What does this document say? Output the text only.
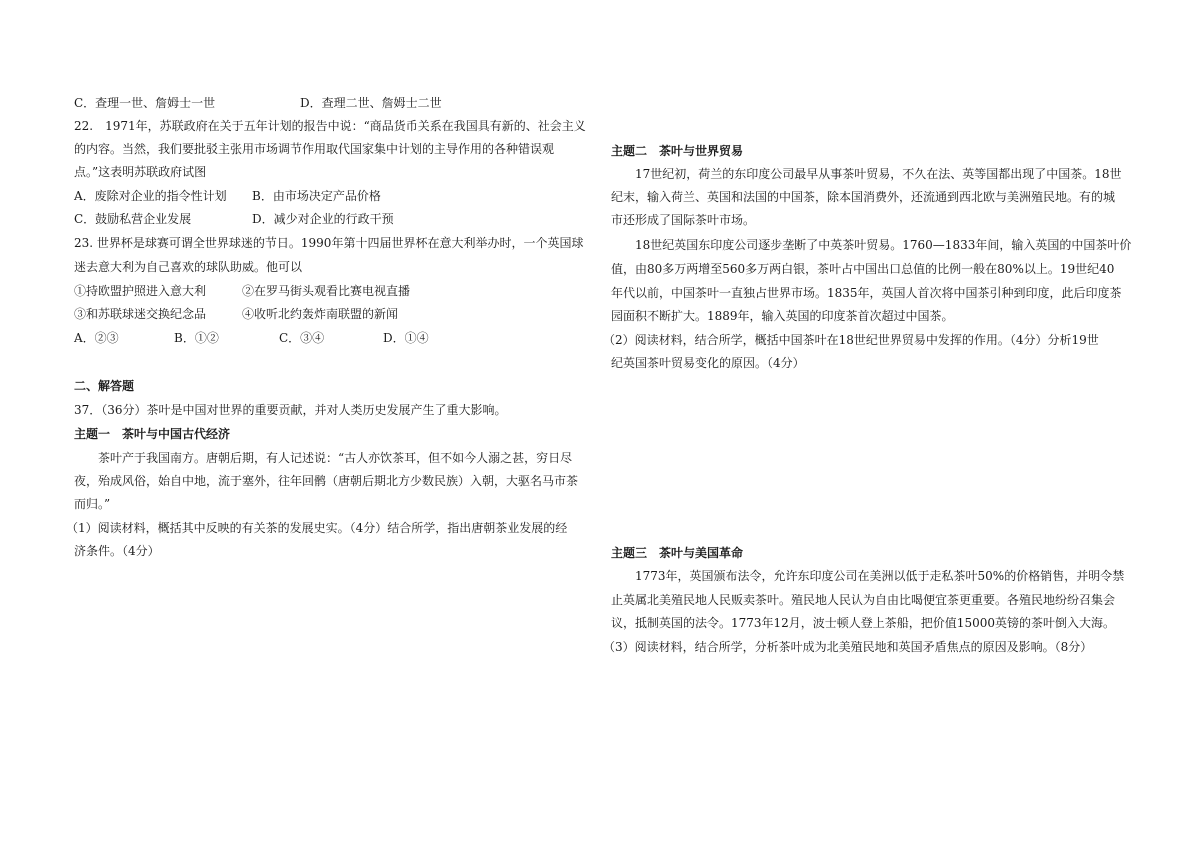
C．查理一世、詹姆士一世	D．查理二世、詹姆士二世
22.　1971年，苏联政府在关于五年计划的报告中说：“商品货币关系在我国具有新的、社会主义
的内容。当然，我们要批驳主张用市场调节作用取代国家集中计划的主导作用的各种错误观
点。”这表明苏联政府试图
A．废除对企业的指令性计划 B．由市场决定产品价格
C．鼓励私营企业发展	D．减少对企业的行政干预
23. 世界杯是球赛可谓全世界球迷的节日。1990年第十四届世界杯在意大利举办时，一个英国球
迷去意大利为自己喜欢的球队助威。他可以
①持欧盟护照进入意大利	②在罗马街头观看比赛电视直播
③和苏联球迷交换纪念品	④收听北约轰炸南联盟的新闻
A．②③	B．①②	C．③④	D．①④
二、解答题
37．（36分）茶叶是中国对世界的重要贡献，并对人类历史发展产生了重大影响。
主题一　茶叶与中国古代经济
茶叶产于我国南方。唐朝后期，有人记述说：“古人亦饮茶耳，但不如今人溺之甚，穷日尽
夜，殆成风俗，始自中地，流于塞外，往年回鹘（唐朝后期北方少数民族）入朝，大驱名马市茶
而归。”
（1）阅读材料，概括其中反映的有关茶的发展史实。（4分）结合所学，指出唐朝茶业发展的经
济条件。（4分）
主题二　茶叶与世界贸易
17世纪初，荷兰的东印度公司最早从事茶叶贸易，不久在法、英等国都出现了中国茶。18世
纪末，输入荷兰、英国和法国的中国茶，除本国消费外，还流通到西北欧与美洲殖民地。有的城
市还形成了国际茶叶市场。
18世纪英国东印度公司逐步垄断了中英茶叶贸易。1760—1833年间，输入英国的中国茶叶价
值，由80多万两增至560多万两白银，茶叶占中国出口总值的比例一般在80%以上。19世纪40
年代以前，中国茶叶一直独占世界市场。1835年，英国人首次将中国茶引种到印度，此后印度茶
园面积不断扩大。1889年，输入英国的印度茶首次超过中国茶。
（2）阅读材料，结合所学，概括中国茶叶在18世纪世界贸易中发挥的作用。（4分）分析19世
纪英国茶叶贸易变化的原因。（4分）
主题三　茶叶与美国革命
1773年，英国颁布法令，允许东印度公司在美洲以低于走私茶叶50%的价格销售，并明令禁
止英属北美殖民地人民贩卖茶叶。殖民地人民认为自由比喝便宜茶更重要。各殖民地纷纷召集会
议，抵制英国的法令。1773年12月，波士顿人登上茶船，把价值15000英镑的茶叶倒入大海。
（3）阅读材料，结合所学，分析茶叶成为北美殖民地和英国矛盾焦点的原因及影响。（8分）
